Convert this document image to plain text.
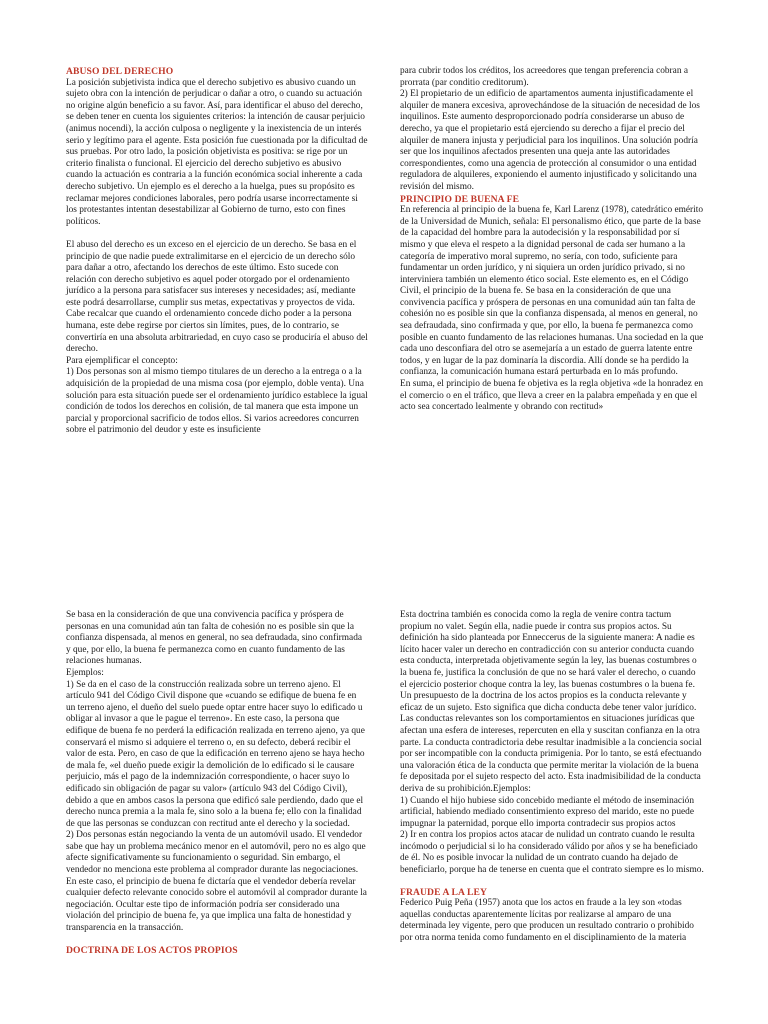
ABUSO DEL DERECHO

La posición subjetivista indica que el derecho subjetivo es abusivo cuando un sujeto obra con la intención de perjudicar o dañar a otro, o cuando su actuación no origine algún beneficio a su favor. Así, para identificar el abuso del derecho, se deben tener en cuenta los siguientes criterios: la intención de causar perjuicio (animus nocendi), la acción culposa o negligente y la inexistencia de un interés serio y legítimo para el agente. Esta posición fue cuestionada por la dificultad de sus pruebas. Por otro lado, la posición objetivista es positiva: se rige por un criterio finalista o funcional. El ejercicio del derecho subjetivo es abusivo cuando la actuación es contraria a la función económica social inherente a cada derecho subjetivo. Un ejemplo es el derecho a la huelga, pues su propósito es reclamar mejores condiciones laborales, pero podría usarse incorrectamente si los protestantes intentan desestabilizar al Gobierno de turno, esto con fines políticos.

El abuso del derecho es un exceso en el ejercicio de un derecho. Se basa en el principio de que nadie puede extralimitarse en el ejercicio de un derecho sólo para dañar a otro, afectando los derechos de este último. Esto sucede con relación con derecho subjetivo es aquel poder otorgado por el ordenamiento jurídico a la persona para satisfacer sus intereses y necesidades; así, mediante este podrá desarrollarse, cumplir sus metas, expectativas y proyectos de vida. Cabe recalcar que cuando el ordenamiento concede dicho poder a la persona humana, este debe regirse por ciertos sin límites, pues, de lo contrario, se convertiría en una absoluta arbitrariedad, en cuyo caso se produciría el abuso del derecho.

Para ejemplificar el concepto:

1) Dos personas son al mismo tiempo titulares de un derecho a la entrega o a la adquisición de la propiedad de una misma cosa (por ejemplo, doble venta). Una solución para esta situación puede ser el ordenamiento jurídico establece la igual condición de todos los derechos en colisión, de tal manera que esta impone un parcial y proporcional sacrificio de todos ellos. Si varios acreedores concurren sobre el patrimonio del deudor y este es insuficiente

para cubrir todos los créditos, los acreedores que tengan preferencia cobran a prorrata (par conditio creditorum).

2) El propietario de un edificio de apartamentos aumenta injustificadamente el alquiler de manera excesiva, aprovechándose de la situación de necesidad de los inquilinos. Este aumento desproporcionado podría considerarse un abuso de derecho, ya que el propietario está ejerciendo su derecho a fijar el precio del alquiler de manera injusta y perjudicial para los inquilinos. Una solución podría ser que los inquilinos afectados presenten una queja ante las autoridades correspondientes, como una agencia de protección al consumidor o una entidad reguladora de alquileres, exponiendo el aumento injustificado y solicitando una revisión del mismo.

PRINCIPIO DE BUENA FE

En referencia al principio de la buena fe, Karl Larenz (1978), catedrático emérito de la Universidad de Munich, señala: El personalismo ético, que parte de la base de la capacidad del hombre para la autodecisión y la responsabilidad por sí mismo y que eleva el respeto a la dignidad personal de cada ser humano a la categoría de imperativo moral supremo, no sería, con todo, suficiente para fundamentar un orden jurídico, y ni siquiera un orden jurídico privado, si no interviniera también un elemento ético social. Este elemento es, en el Código Civil, el principio de la buena fe. Se basa en la consideración de que una convivencia pacífica y próspera de personas en una comunidad aún tan falta de cohesión no es posible sin que la confianza dispensada, al menos en general, no sea defraudada, sino confirmada y que, por ello, la buena fe permanezca como posible en cuanto fundamento de las relaciones humanas. Una sociedad en la que cada uno desconfiara del otro se asemejaría a un estado de guerra latente entre todos, y en lugar de la paz dominaría la discordia. Allí donde se ha perdido la confianza, la comunicación humana estará perturbada en lo más profundo.

En suma, el principio de buena fe objetiva es la regla objetiva «de la honradez en el comercio o en el tráfico, que lleva a creer en la palabra empeñada y en que el acto sea concertado lealmente y obrando con rectitud»

Se basa en la consideración de que una convivencia pacífica y próspera de personas en una comunidad aún tan falta de cohesión no es posible sin que la confianza dispensada, al menos en general, no sea defraudada, sino confirmada y que, por ello, la buena fe permanezca como en cuanto fundamento de las relaciones humanas.

Ejemplos:

1) Se da en el caso de la construcción realizada sobre un terreno ajeno. El artículo 941 del Código Civil dispone que «cuando se edifique de buena fe en un terreno ajeno, el dueño del suelo puede optar entre hacer suyo lo edificado u obligar al invasor a que le pague el terreno». En este caso, la persona que edifique de buena fe no perderá la edificación realizada en terreno ajeno, ya que conservará el mismo si adquiere el terreno o, en su defecto, deberá recibir el valor de esta. Pero, en caso de que la edificación en terreno ajeno se haya hecho de mala fe, «el dueño puede exigir la demolición de lo edificado si le causare perjuicio, más el pago de la indemnización correspondiente, o hacer suyo lo edificado sin obligación de pagar su valor» (artículo 943 del Código Civil), debido a que en ambos casos la persona que edificó sale perdiendo, dado que el derecho nunca premia a la mala fe, sino solo a la buena fe; ello con la finalidad de que las personas se conduzcan con rectitud ante el derecho y la sociedad.

2) Dos personas están negociando la venta de un automóvil usado. El vendedor sabe que hay un problema mecánico menor en el automóvil, pero no es algo que afecte significativamente su funcionamiento o seguridad. Sin embargo, el vendedor no menciona este problema al comprador durante las negociaciones. En este caso, el principio de buena fe dictaría que el vendedor debería revelar cualquier defecto relevante conocido sobre el automóvil al comprador durante la negociación. Ocultar este tipo de información podría ser considerado una violación del principio de buena fe, ya que implica una falta de honestidad y transparencia en la transacción.

DOCTRINA DE LOS ACTOS PROPIOS

Esta doctrina también es conocida como la regla de venire contra tactum propium no valet. Según ella, nadie puede ir contra sus propios actos. Su definición ha sido planteada por Enneccerus de la siguiente manera: A nadie es lícito hacer valer un derecho en contradicción con su anterior conducta cuando esta conducta, interpretada objetivamente según la ley, las buenas costumbres o la buena fe, justifica la conclusión de que no se hará valer el derecho, o cuando el ejercicio posterior choque contra la ley, las buenas costumbres o la buena fe.

Un presupuesto de la doctrina de los actos propios es la conducta relevante y eficaz de un sujeto. Esto significa que dicha conducta debe tener valor jurídico. Las conductas relevantes son los comportamientos en situaciones jurídicas que afectan una esfera de intereses, repercuten en ella y suscitan confianza en la otra parte. La conducta contradictoria debe resultar inadmisible a la conciencia social por ser incompatible con la conducta primigenia. Por lo tanto, se está efectuando una valoración ética de la conducta que permite meritar la violación de la buena fe depositada por el sujeto respecto del acto. Esta inadmisibilidad de la conducta deriva de su prohibición.Ejemplos:

1) Cuando el hijo hubiese sido concebido mediante el método de inseminación artificial, habiendo mediado consentimiento expreso del marido, este no puede impugnar la paternidad, porque ello importa contradecir sus propios actos

2) Ir en contra los propios actos atacar de nulidad un contrato cuando le resulta incómodo o perjudicial si lo ha considerado válido por años y se ha beneficiado de él. No es posible invocar la nulidad de un contrato cuando ha dejado de beneficiarlo, porque ha de tenerse en cuenta que el contrato siempre es lo mismo.

FRAUDE A LA LEY

Federico Puig Peña (1957) anota que los actos en fraude a la ley son «todas aquellas conductas aparentemente lícitas por realizarse al amparo de una determinada ley vigente, pero que producen un resultado contrario o prohibido por otra norma tenida como fundamento en el disciplinamiento de la materia
